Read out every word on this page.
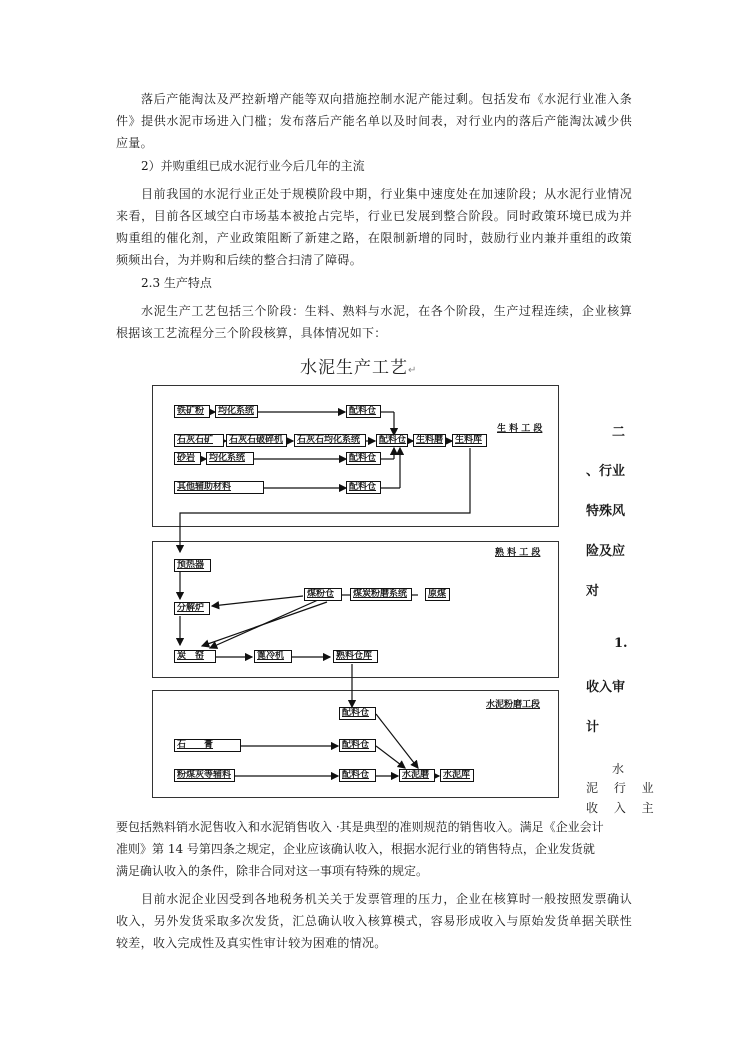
落后产能淘汰及严控新增产能等双向措施控制水泥产能过剩。包括发布《水泥行业准入条件》提供水泥市场进入门槛；发布落后产能名单以及时间表，对行业内的落后产能淘汰减少供应量。

2）并购重组已成水泥行业今后几年的主流

目前我国的水泥行业正处于规模阶段中期，行业集中速度处在加速阶段；从水泥行业情况来看，目前各区域空白市场基本被抢占完毕，行业已发展到整合阶段。同时政策环境已成为并购重组的催化剂，产业政策阻断了新建之路，在限制新增的同时，鼓励行业内兼并重组的政策频频出台，为并购和后续的整合扫清了障碍。

2.3 生产特点

水泥生产工艺包括三个阶段：生料、熟料与水泥，在各个阶段，生产过程连续，企业核算根据该工艺流程分三个阶段核算，具体情况如下：

水泥生产工艺↵
生 料 工 段
熟 料 工 段
水泥粉磨工段
铁矿粉	均化系统	配料仓
石灰石矿	石灰石破碎机	石灰石均化系统	配料仓	生料磨	生料库
砂岩	均化系统	配料仓
其他辅助材料	配料仓
预热器
分解炉
煤粉仓	煤炭粉磨系统	原煤
炭　窑	篦冷机	熟料仓库
配料仓
石　　膏	配料仓
粉煤灰等辅料	配料仓	水泥磨	水泥库
二
、行业
特殊风
险及应
对
1.
收入审
计
水
泥 行 业
收 入 主

要包括熟料销水泥售收入和水泥销售收入 ·其是典型的准则规范的销售收入。满足《企业会计

准则》第 14 号第四条之规定，企业应该确认收入，根据水泥行业的销售特点，企业发货就

满足确认收入的条件，除非合同对这一事项有特殊的规定。

目前水泥企业因受到各地税务机关关于发票管理的压力，企业在核算时一般按照发票确认收入，另外发货采取多次发货，汇总确认收入核算模式，容易形成收入与原始发货单据关联性较差，收入完成性及真实性审计较为困难的情况。
